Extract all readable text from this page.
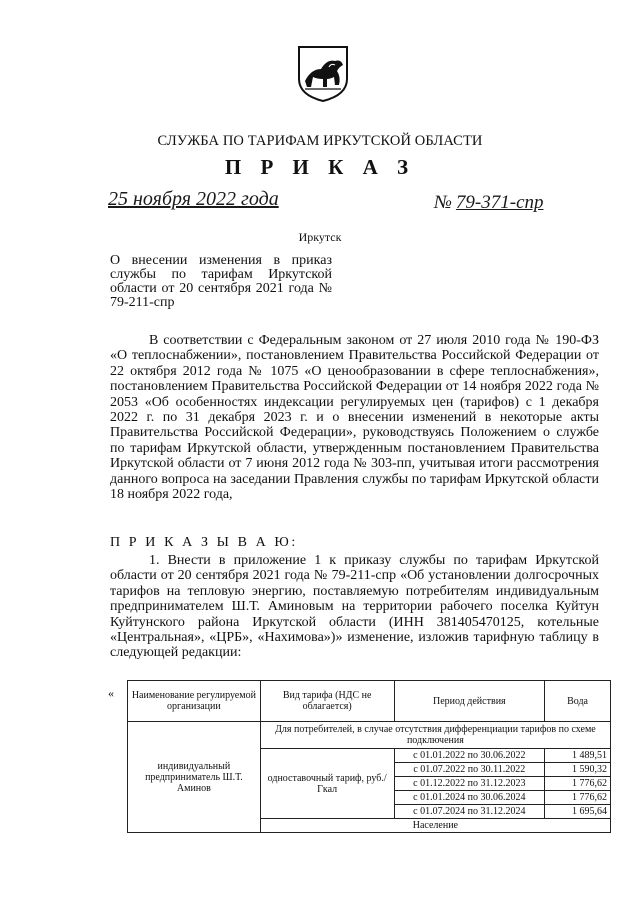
СЛУЖБА ПО ТАРИФАМ ИРКУТСКОЙ ОБЛАСТИ
П Р И К А З
25 ноября 2022 года	№ 79-371-спр
Иркутск
О внесении изменения в приказ службы по тарифам Иркутской области от 20 сентября 2021 года № 79-211-спр
В соответствии с Федеральным законом от 27 июля 2010 года № 190-ФЗ «О теплоснабжении», постановлением Правительства Российской Федерации от 22 октября 2012 года № 1075 «О ценообразовании в сфере теплоснабжения», постановлением Правительства Российской Федерации от 14 ноября 2022 года № 2053 «Об особенностях индексации регулируемых цен (тарифов) с 1 декабря 2022 г. по 31 декабря 2023 г. и о внесении изменений в некоторые акты Правительства Российской Федерации», руководствуясь Положением о службе по тарифам Иркутской области, утвержденным постановлением Правительства Иркутской области от 7 июня 2012 года № 303-пп, учитывая итоги рассмотрения данного вопроса на заседании Правления службы по тарифам Иркутской области 18 ноября 2022 года,
П Р И К А З Ы В А Ю:
1. Внести в приложение 1 к приказу службы по тарифам Иркутской области от 20 сентября 2021 года № 79-211-спр «Об установлении долгосрочных тарифов на тепловую энергию, поставляемую потребителям индивидуальным предпринимателем Ш.Т. Аминовым на территории рабочего поселка Куйтун Куйтунского района Иркутской области (ИНН 381405470125, котельные «Центральная», «ЦРБ», «Нахимова»)» изменение, изложив тарифную таблицу в следующей редакции:
« Наименование регулируемой организации	Вид тарифа (НДС не облагается)	Период действия	Вода
индивидуальный предприниматель Ш.Т. Аминов	Для потребителей, в случае отсутствия дифференциации тарифов по схеме подключения		
	одноставочный тариф, руб./Гкал	с 01.01.2022 по 30.06.2022	1 489,51
		с 01.07.2022 по 30.11.2022	1 590,32
		с 01.12.2022 по 31.12.2023	1 776,62
		с 01.01.2024 по 30.06.2024	1 776,62
		с 01.07.2024 по 31.12.2024	1 695,64
	Население		
